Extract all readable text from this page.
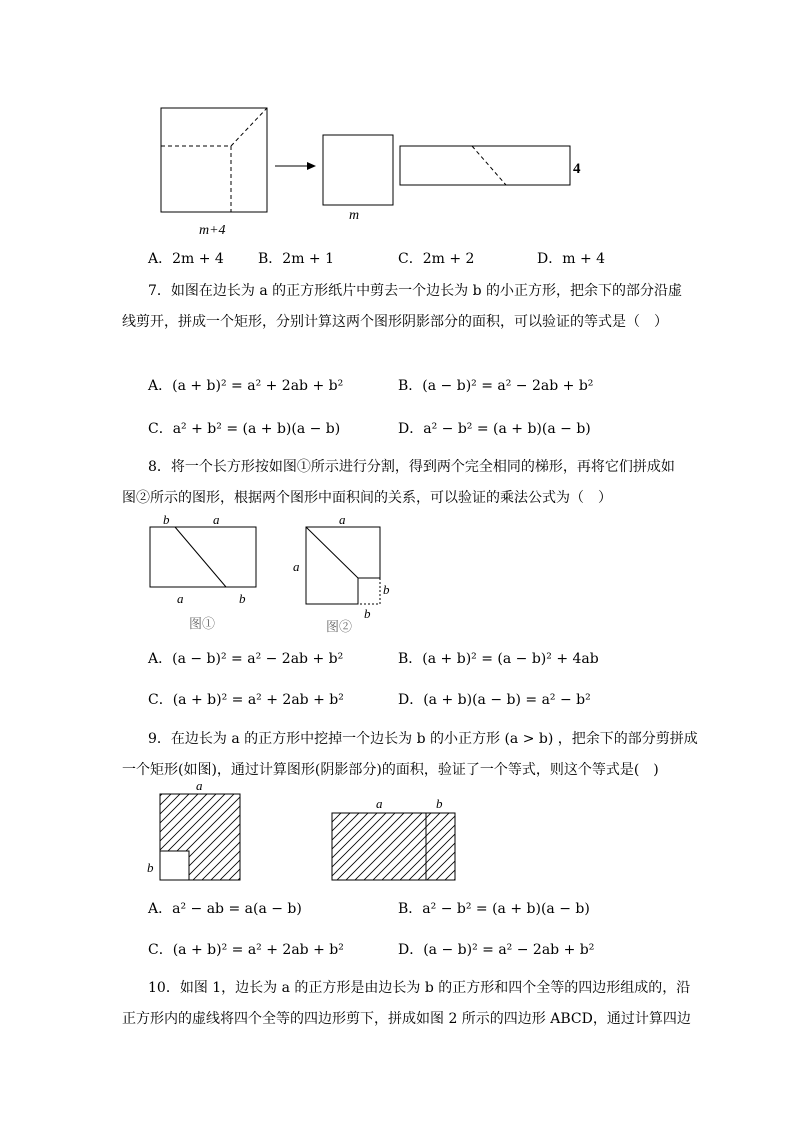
m+4
m
4
A．2m + 4 B．2m + 1	C．2m + 2	D．m + 4
7．如图在边长为 a 的正方形纸片中剪去一个边长为 b 的小正方形，把余下的部分沿虚
线剪开，拼成一个矩形，分别计算这两个图形阴影部分的面积，可以验证的等式是（　）
A．(a + b)² = a² + 2ab + b²	B．(a − b)² = a² − 2ab + b²
C．a² + b² = (a + b)(a − b)	D．a² − b² = (a + b)(a − b)
8．将一个长方形按如图①所示进行分割，得到两个完全相同的梯形，再将它们拼成如
图②所示的图形，根据两个图形中面积间的关系，可以验证的乘法公式为（　）
b	a
a	b
图①
a
a
b
b
图②
A．(a − b)² = a² − 2ab + b²	B．(a + b)² = (a − b)² + 4ab
C．(a + b)² = a² + 2ab + b²	D．(a + b)(a − b) = a² − b²
9．在边长为 a 的正方形中挖掉一个边长为 b 的小正方形 (a > b) ，把余下的部分剪拼成
一个矩形(如图)，通过计算图形(阴影部分)的面积，验证了一个等式，则这个等式是(　)
a
b
a	b
A．a² − ab = a(a − b)	B．a² − b² = (a + b)(a − b)
C．(a + b)² = a² + 2ab + b²	D．(a − b)² = a² − 2ab + b²
10．如图 1，边长为 a 的正方形是由边长为 b 的正方形和四个全等的四边形组成的，沿
正方形内的虚线将四个全等的四边形剪下，拼成如图 2 所示的四边形 ABCD，通过计算四边
